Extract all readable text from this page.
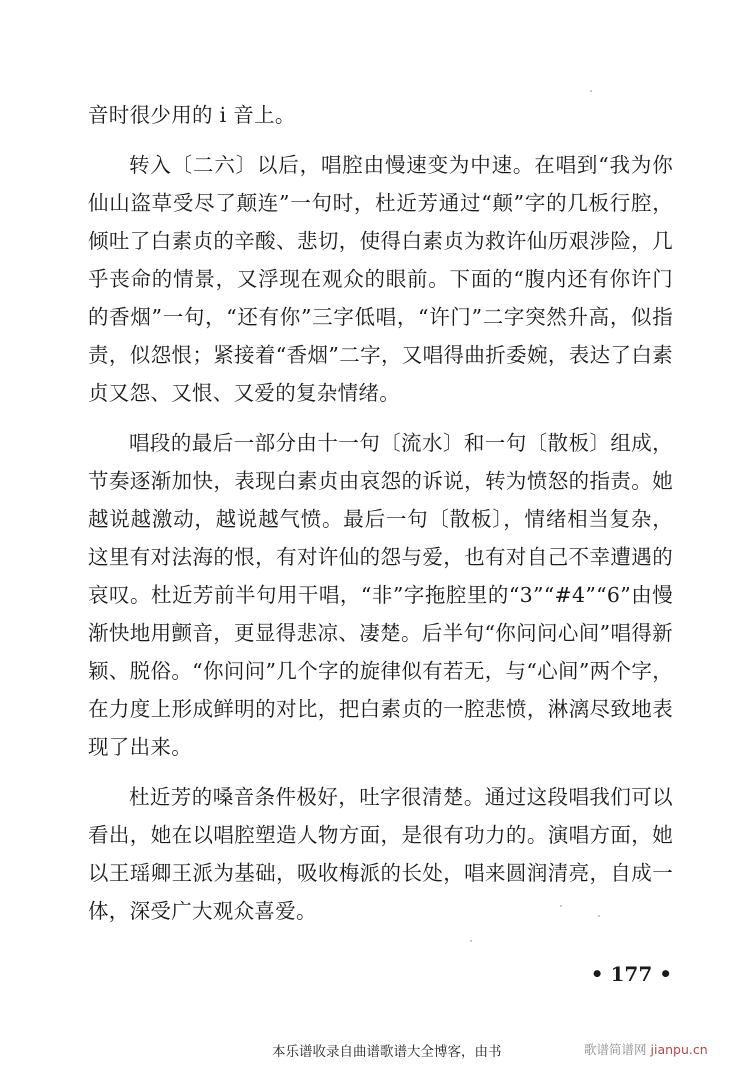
音时很少用的 i 音上。

转入〔二六〕以后，唱腔由慢速变为中速。在唱到“我为你仙山盗草受尽了颠连”一句时，杜近芳通过“颠”字的几板行腔，倾吐了白素贞的辛酸、悲切，使得白素贞为救许仙历艰涉险，几乎丧命的情景，又浮现在观众的眼前。下面的“腹内还有你许门的香烟”一句，“还有你”三字低唱，“许门”二字突然升高，似指责，似怨恨；紧接着“香烟”二字，又唱得曲折委婉，表达了白素贞又怨、又恨、又爱的复杂情绪。

唱段的最后一部分由十一句〔流水〕和一句〔散板〕组成，节奏逐渐加快，表现白素贞由哀怨的诉说，转为愤怒的指责。她越说越激动，越说越气愤。最后一句〔散板〕，情绪相当复杂，这里有对法海的恨，有对许仙的怨与爱，也有对自己不幸遭遇的哀叹。杜近芳前半句用干唱，“非”字拖腔里的“3”“#4”“6”由慢渐快地用颤音，更显得悲凉、凄楚。后半句“你问问心间”唱得新颖、脱俗。“你问问”几个字的旋律似有若无，与“心间”两个字，在力度上形成鲜明的对比，把白素贞的一腔悲愤，淋漓尽致地表现了出来。

杜近芳的嗓音条件极好，吐字很清楚。通过这段唱我们可以看出，她在以唱腔塑造人物方面，是很有功力的。演唱方面，她以王瑶卿王派为基础，吸收梅派的长处，唱来圆润清亮，自成一体，深受广大观众喜爱。

• 177 •
本乐谱收录自曲谱歌谱大全博客，由书	歌谱简谱网 jianpu.cn
